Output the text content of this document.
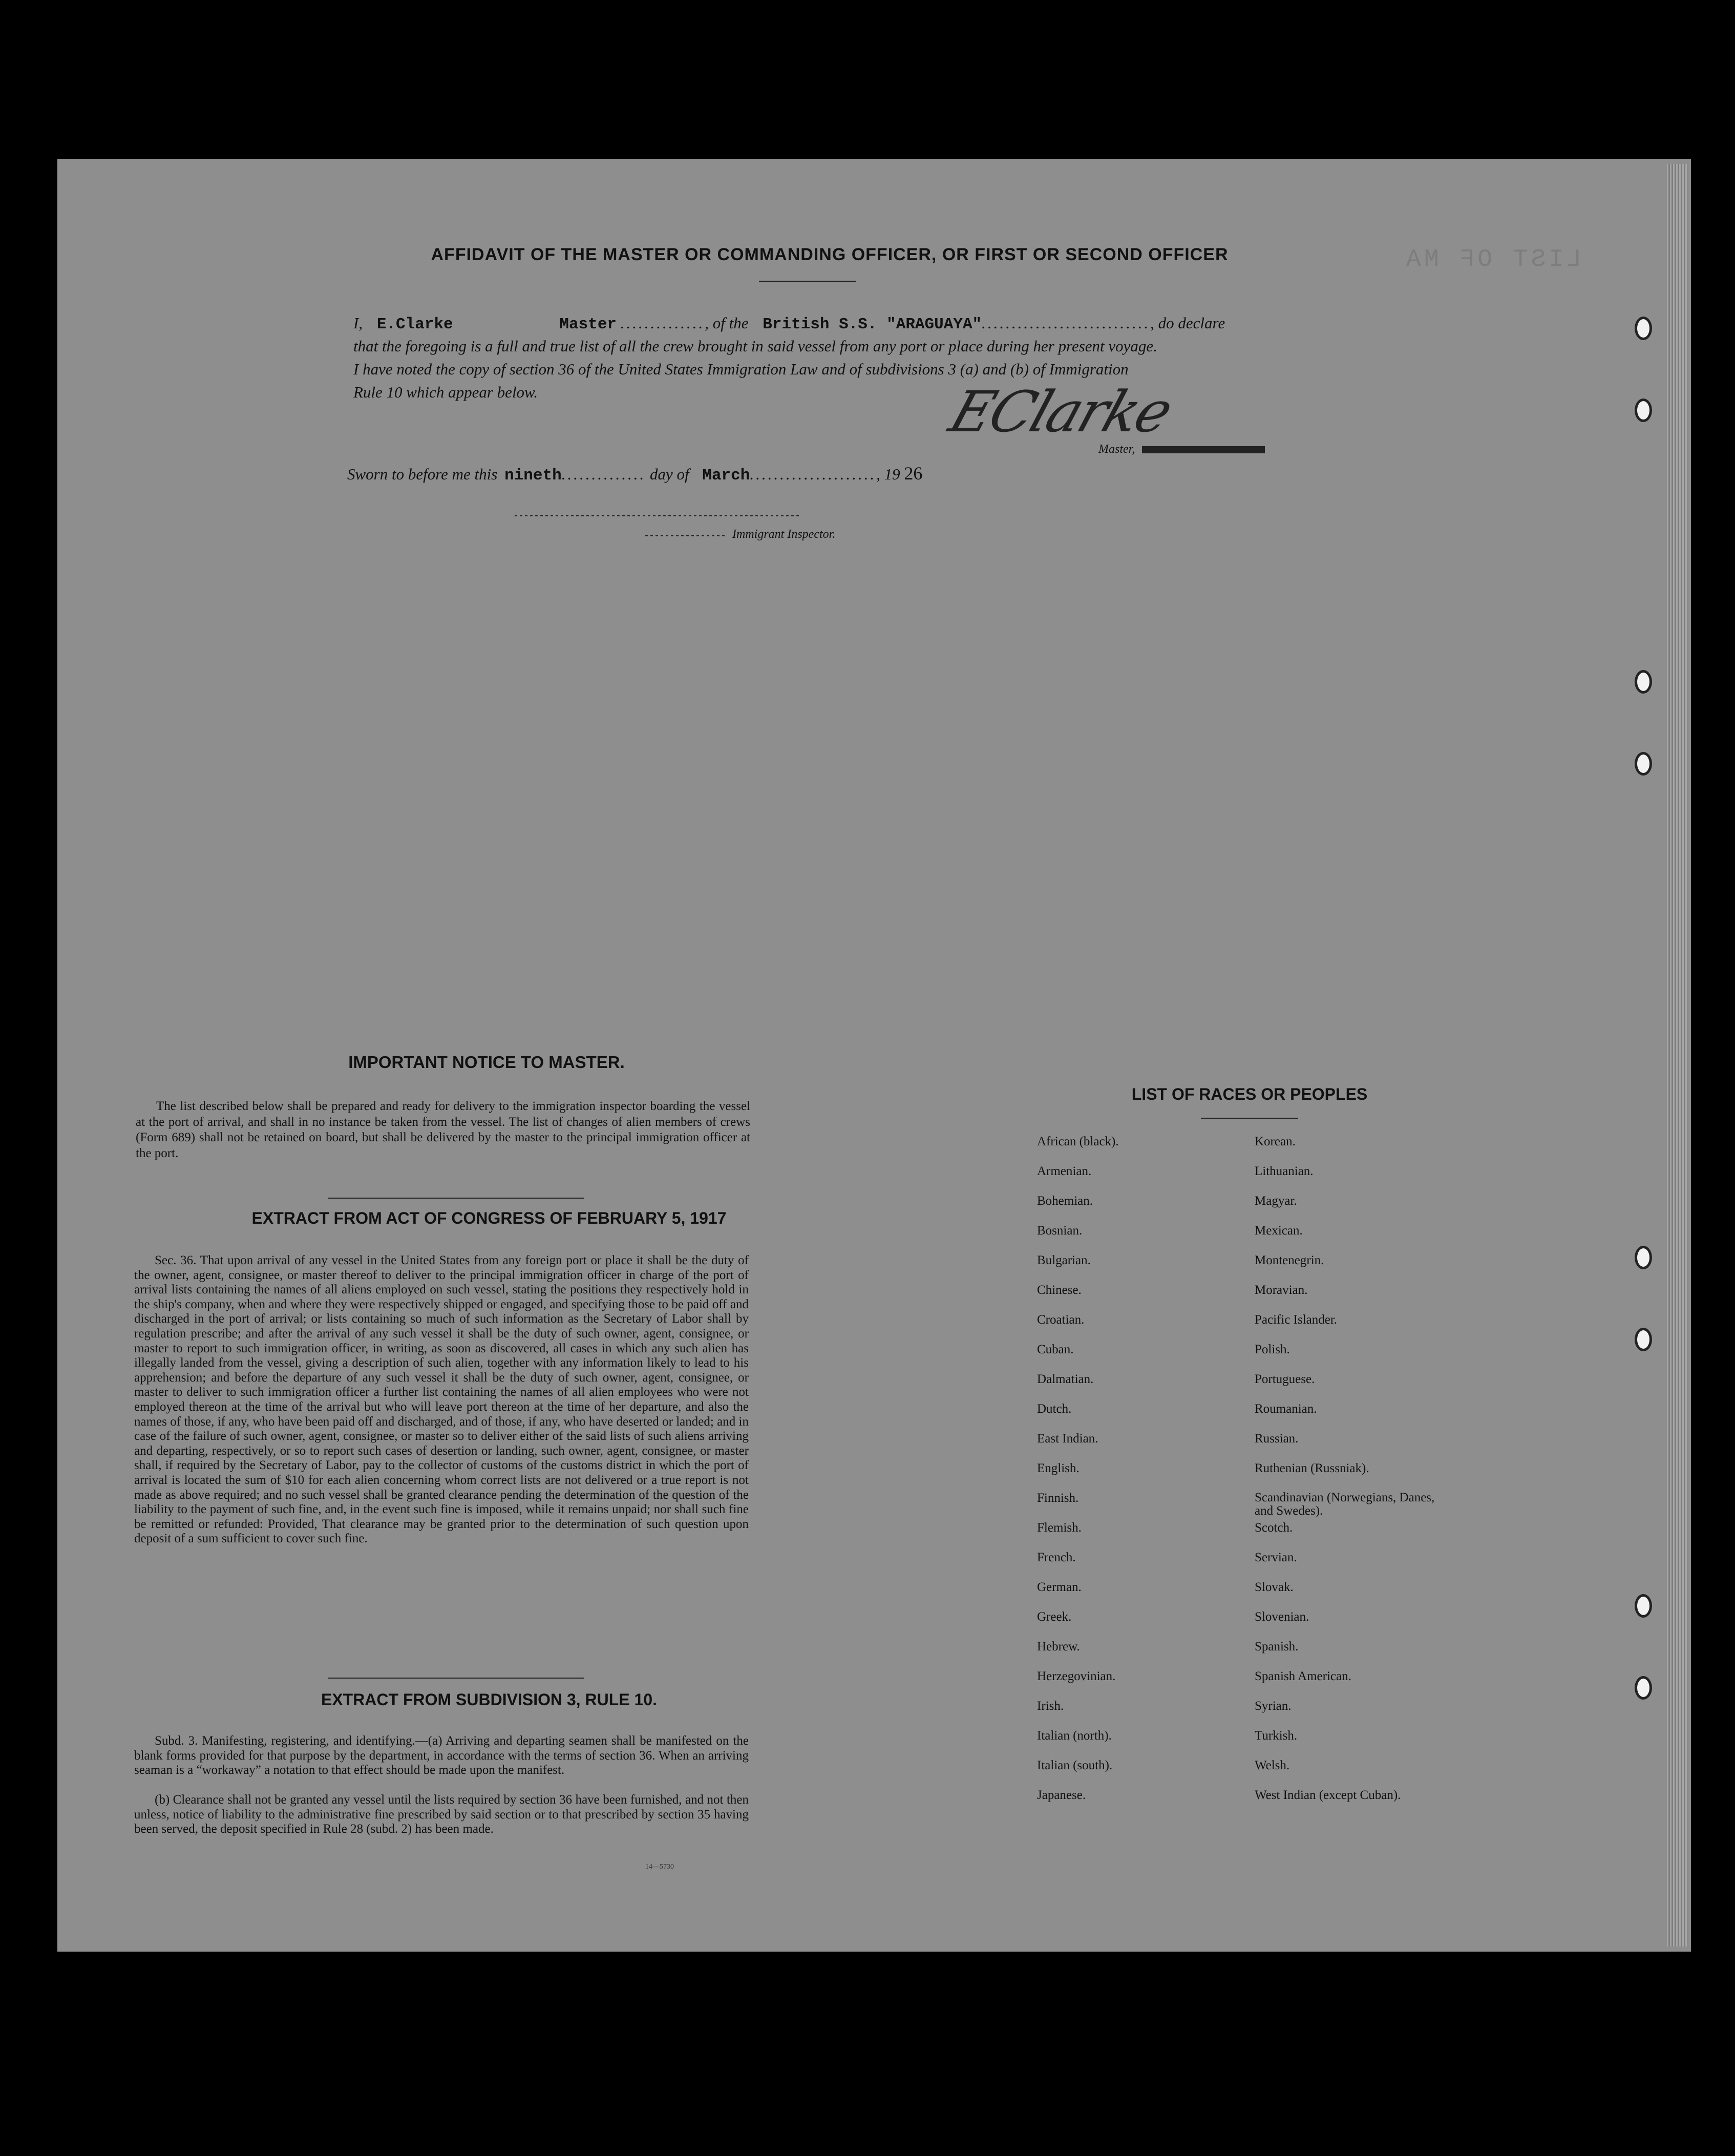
LIST OF MA
AFFIDAVIT OF THE MASTER OR COMMANDING OFFICER, OR FIRST OR SECOND OFFICER
I, E.Clarke	Master .............., of the British S.S. "ARAGUAYA"............................, do declare
that the foregoing is a full and true list of all the crew brought in said vessel from any port or place during her present voyage.
I have noted the copy of section 36 of the United States Immigration Law and of subdivisions 3 (a) and (b) of Immigration
Rule 10 which appear below.	EClarke
Master,
Sworn to before me this nineth.............. day of March....................., 19 26
Immigrant Inspector.
IMPORTANT NOTICE TO MASTER.
The list described below shall be prepared and ready for delivery to the immigration inspector boarding the vessel at the port of arrival, and shall in no instance be taken from the vessel. The list of changes of alien members of crews (Form 689) shall not be retained on board, but shall be delivered by the master to the principal immigration officer at the port.
EXTRACT FROM ACT OF CONGRESS OF FEBRUARY 5, 1917
Sec. 36. That upon arrival of any vessel in the United States from any foreign port or place it shall be the duty of the owner, agent, consignee, or master thereof to deliver to the principal immigration officer in charge of the port of arrival lists containing the names of all aliens employed on such vessel, stating the positions they respectively hold in the ship's company, when and where they were respectively shipped or engaged, and specifying those to be paid off and discharged in the port of arrival; or lists containing so much of such information as the Secretary of Labor shall by regulation prescribe; and after the arrival of any such vessel it shall be the duty of such owner, agent, consignee, or master to report to such immigration officer, in writing, as soon as discovered, all cases in which any such alien has illegally landed from the vessel, giving a description of such alien, together with any information likely to lead to his apprehension; and before the departure of any such vessel it shall be the duty of such owner, agent, consignee, or master to deliver to such immigration officer a further list containing the names of all alien employees who were not employed thereon at the time of the arrival but who will leave port thereon at the time of her departure, and also the names of those, if any, who have been paid off and discharged, and of those, if any, who have deserted or landed; and in case of the failure of such owner, agent, consignee, or master so to deliver either of the said lists of such aliens arriving and departing, respectively, or so to report such cases of desertion or landing, such owner, agent, consignee, or master shall, if required by the Secretary of Labor, pay to the collector of customs of the customs district in which the port of arrival is located the sum of $10 for each alien concerning whom correct lists are not delivered or a true report is not made as above required; and no such vessel shall be granted clearance pending the determination of the question of the liability to the payment of such fine, and, in the event such fine is imposed, while it remains unpaid; nor shall such fine be remitted or refunded: Provided, That clearance may be granted prior to the determination of such question upon deposit of a sum sufficient to cover such fine.
EXTRACT FROM SUBDIVISION 3, RULE 10.
Subd. 3. Manifesting, registering, and identifying.—(a) Arriving and departing seamen shall be manifested on the blank forms provided for that purpose by the department, in accordance with the terms of section 36. When an arriving seaman is a “workaway” a notation to that effect should be made upon the manifest.
(b) Clearance shall not be granted any vessel until the lists required by section 36 have been furnished, and not then unless, notice of liability to the administrative fine prescribed by said section or to that prescribed by section 35 having been served, the deposit specified in Rule 28 (subd. 2) has been made.
14—5730
LIST OF RACES OR PEOPLES
African (black).
Armenian.
Bohemian.
Bosnian.
Bulgarian.
Chinese.
Croatian.
Cuban.
Dalmatian.
Dutch.
East Indian.
English.
Finnish.
Flemish.
French.
German.
Greek.
Hebrew.
Herzegovinian.
Irish.
Italian (north).
Italian (south).
Japanese.
Korean.
Lithuanian.
Magyar.
Mexican.
Montenegrin.
Moravian.
Pacific Islander.
Polish.
Portuguese.
Roumanian.
Russian.
Ruthenian (Russniak).
Scandinavian (Norwegians, Danes, and Swedes).
Scotch.
Servian.
Slovak.
Slovenian.
Spanish.
Spanish American.
Syrian.
Turkish.
Welsh.
West Indian (except Cuban).
